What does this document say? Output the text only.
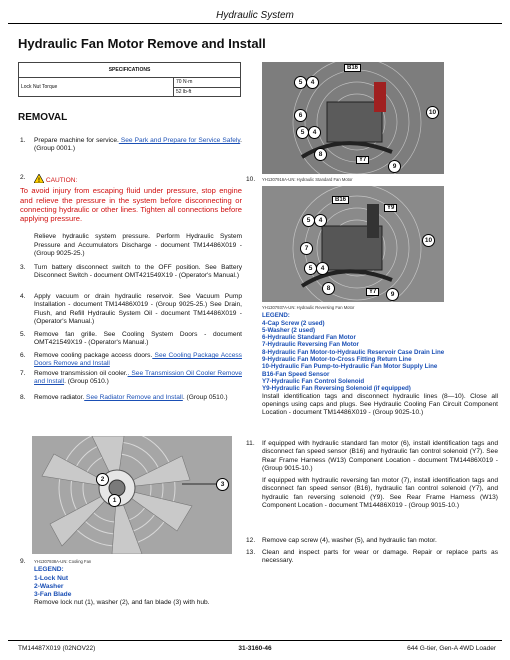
Hydraulic System
Hydraulic Fan Motor Remove and Install
SPECIFICATIONS
Lock Nut Torque	70 N·m
52 lb-ft
REMOVAL
1. Prepare machine for service. See Park and Prepare for Service Safely. (Group 0001.)
2. ! CAUTION:
To avoid injury from escaping fluid under pressure, stop engine and relieve the pressure in the system before disconnecting or connecting hydraulic or other lines. Tighten all connections before applying pressure.
Relieve hydraulic system pressure. Perform Hydraulic System Pressure and Accumulators Discharge - document TM14486X019 - (Group 9025-25.)
3. Turn battery disconnect switch to the OFF position. See Battery Disconnect Switch - document OMT421549X19 - (Operator's Manual.)
4. Apply vacuum or drain hydraulic reservoir. See Vacuum Pump Installation - document TM14486X019 - (Group 9025-25.) See Drain, Flush, and Refill Hydraulic System Oil - document TM14486X019 - (Operator's Manual.)
5. Remove fan grille. See Cooling System Doors - document OMT421549X19 - (Operator's Manual.)
6. Remove cooling package access doors. See Cooling Package Access Doors Remove and Install
7. Remove transmission oil cooler.. See Transmission Oil Cooler Remove and Install. (Group 0510.)
8. Remove radiator. See Radiator Remove and Install. (Group 0510.)
2
1
3
9. YH1307938A-UN: Cooling Fan
LEGEND:
1-Lock Nut
2-Washer
3-Fan Blade
Remove lock nut (1), washer (2), and fan blade (3) with hub.
5	4
6
5	4
8
10
9
B16
Y7
10. YH1307916A-UN: Hydraulic Standard Fan Motor
5	4
7
5	4
8
10
9
B16
Y9
Y7
YH1307937A-UN: Hydraulic Reversing Fan Motor
LEGEND:
4-Cap Screw (2 used)
5-Washer (2 used)
6-Hydraulic Standard Fan Motor
7-Hydraulic Reversing Fan Motor
8-Hydraulic Fan Motor-to-Hydraulic Reservoir Case Drain Line
9-Hydraulic Fan Motor-to-Cross Fitting Return Line
10-Hydraulic Fan Pump-to-Hydraulic Fan Motor Supply Line
B16-Fan Speed Sensor
Y7-Hydraulic Fan Control Solenoid
Y9-Hydraulic Fan Reversing Solenoid (if equipped)
Install identification tags and disconnect hydraulic lines (8—10). Close all openings using caps and plugs. See Hydraulic Cooling Fan Circuit Component Location - document TM14486X019 - (Group 9025-10.)
11. If equipped with hydraulic standard fan motor (6), install identification tags and disconnect fan speed sensor (B16) and hydraulic fan control solenoid (Y7). See Rear Frame Harness (W13) Component Location - document TM14486X019 - (Group 9015-10.)
If equipped with hydraulic reversing fan motor (7), install identification tags and disconnect fan speed sensor (B16), hydraulic fan control solenoid (Y7), and hydraulic fan reversing solenoid (Y9). See Rear Frame Harness (W13) Component Location - document TM14486X019 - (Group 9015-10.)
12. Remove cap screw (4), washer (5), and hydraulic fan motor.
13. Clean and inspect parts for wear or damage. Repair or replace parts as necessary.
TM14487X019 (02NOV22)	31-3160-46	644 G-tier, Gen-A 4WD Loader
